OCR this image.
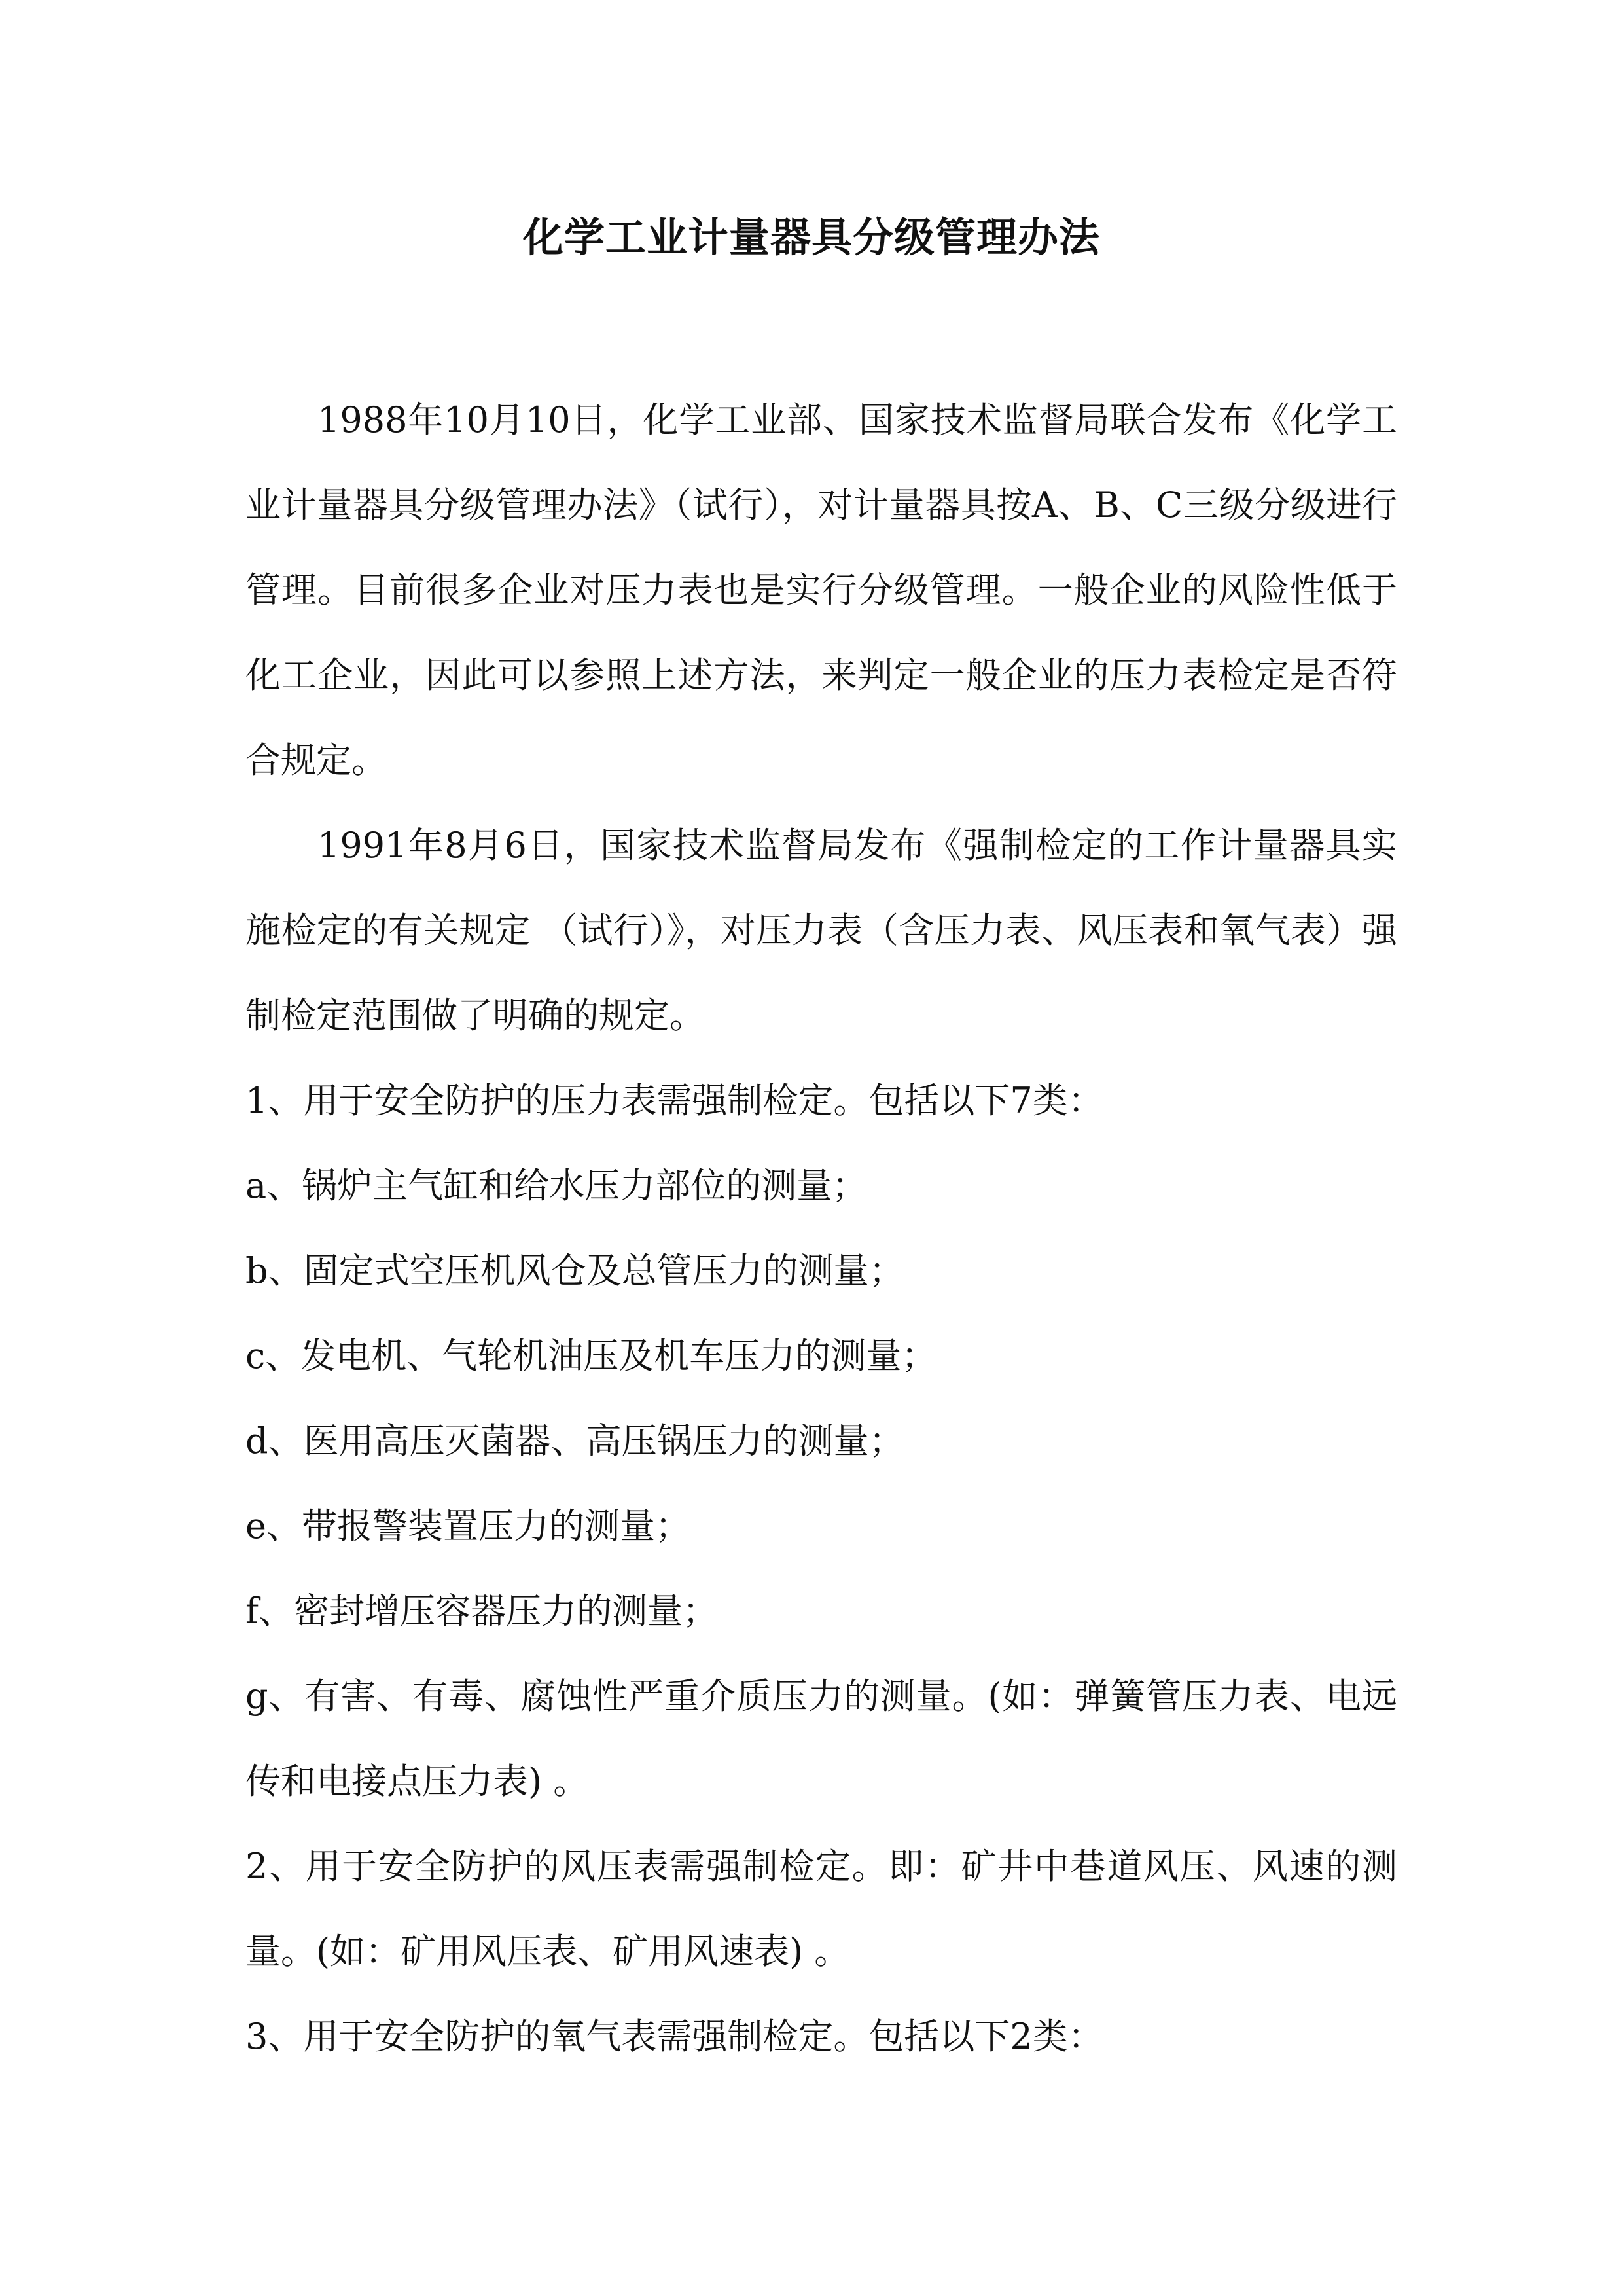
化学工业计量器具分级管理办法

1988年10月10日，化学工业部、国家技术监督局联合发布《化学工业计量器具分级管理办法》（试行），对计量器具按A、B、C三级分级进行管理。目前很多企业对压力表也是实行分级管理。一般企业的风险性低于化工企业，因此可以参照上述方法，来判定一般企业的压力表检定是否符合规定。

1991年8月6日，国家技术监督局发布《强制检定的工作计量器具实施检定的有关规定 （试行）》，对压力表（含压力表、风压表和氧气表）强制检定范围做了明确的规定。

1、用于安全防护的压力表需强制检定。包括以下7类：

a、锅炉主气缸和给水压力部位的测量；

b、固定式空压机风仓及总管压力的测量；

c、发电机、气轮机油压及机车压力的测量；

d、医用高压灭菌器、高压锅压力的测量；

e、带报警装置压力的测量；

f、密封增压容器压力的测量；

g、有害、有毒、腐蚀性严重介质压力的测量。(如：弹簧管压力表、电远传和电接点压力表) 。

2、用于安全防护的风压表需强制检定。即：矿井中巷道风压、风速的测量。(如：矿用风压表、矿用风速表) 。

3、用于安全防护的氧气表需强制检定。包括以下2类：
